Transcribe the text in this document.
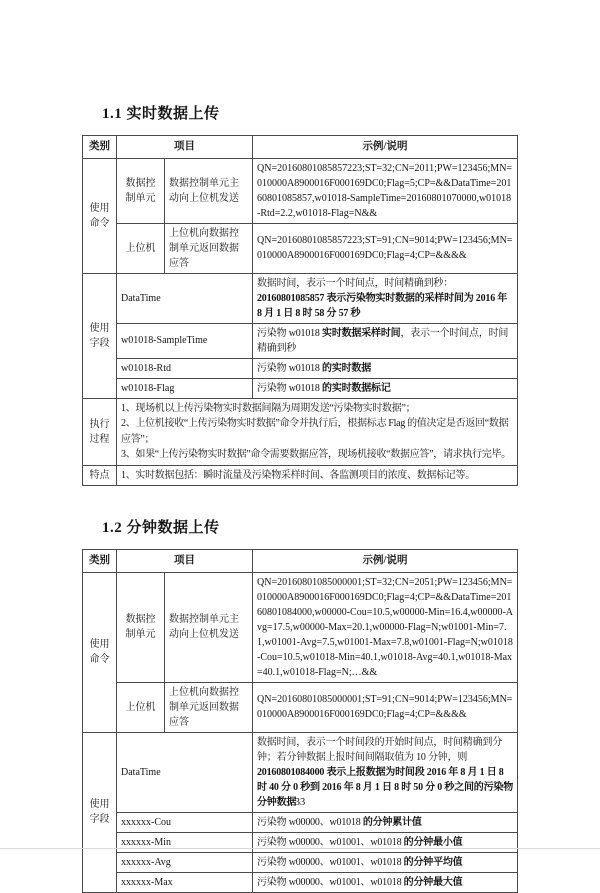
1.1 实时数据上传
类别	项目		示例/说明
使用命令	数据控制单元	数据控制单元主动向上位机发送	QN=20160801085857223;ST=32;CN=2011;PW=123456;MN=010000A8900016F000169DC0;Flag=5;CP=&&DataTime=20160801085857,w01018-SampleTime=20160801070000,w01018-Rtd=2.2,w01018-Flag=N&&
	上位机	上位机向数据控制单元返回数据应答	QN=20160801085857223;ST=91;CN=9014;PW=123456;MN=010000A8900016F000169DC0;Flag=4;CP=&&&&
使用字段	DataTime		数据时间，表示一个时间点，时间精确到秒：20160801085857 表示污染物实时数据的采样时间为 2016 年 8 月 1 日 8 时 58 分 57 秒
	w01018-SampleTime		污染物 w01018 实时数据采样时间，表示一个时间点，时间精确到秒
	w01018-Rtd		污染物 w01018 的实时数据
	w01018-Flag		污染物 w01018 的实时数据标记
执行过程	1、现场机以上传污染物实时数据间隔为周期发送“污染物实时数据”；
2、上位机接收“上传污染物实时数据”命令并执行后，根据标志 Flag 的值决定是否返回“数据应答”；
3、如果“上传污染物实时数据”命令需要数据应答，现场机接收“数据应答”，请求执行完毕。		

特点	1、实时数据包括：瞬时流量及污染物采样时间、各监测项目的浓度、数据标记等。		
1.2 分钟数据上传
类别	项目		示例/说明
使用命令	数据控制单元	数据控制单元主动向上位机发送	QN=20160801085000001;ST=32;CN=2051;PW=123456;MN=010000A8900016F000169DC0;Flag=4;CP=&&DataTime=20160801084000,w00000-Cou=10.5,w00000-Min=16.4,w00000-Avg=17.5,w00000-Max=20.1,w00000-Flag=N;w01001-Min=7.1,w01001-Avg=7.5,w01001-Max=7.8,w01001-Flag=N;w01018-Cou=10.5,w01018-Min=40.1,w01018-Avg=40.1,w01018-Max=40.1,w01018-Flag=N;…&&
	上位机	上位机向数据控制单元返回数据应答	QN=20160801085000001;ST=91;CN=9014;PW=123456;MN=010000A8900016F000169DC0;Flag=4;CP=&&&&
使用字段	DataTime		数据时间，表示一个时间段的开始时间点，时间精确到分钟；若分钟数据上报时间间隔取值为 10 分钟，则 20160801084000 表示上报数据为时间段 2016 年 8 月 1 日 8 时 40 分 0 秒到 2016 年 8 月 1 日 8 时 50 分 0 秒之间的污染物分钟数据
	xxxxxx-Cou		污染物 w00000、w01018 的分钟累计值
	xxxxxx-Min		污染物 w00000、w01001、w01018 的分钟最小值
	xxxxxx-Avg		污染物 w00000、w01001、w01018 的分钟平均值
	xxxxxx-Max		污染物 w00000、w01001、w01018 的分钟最大值
33
